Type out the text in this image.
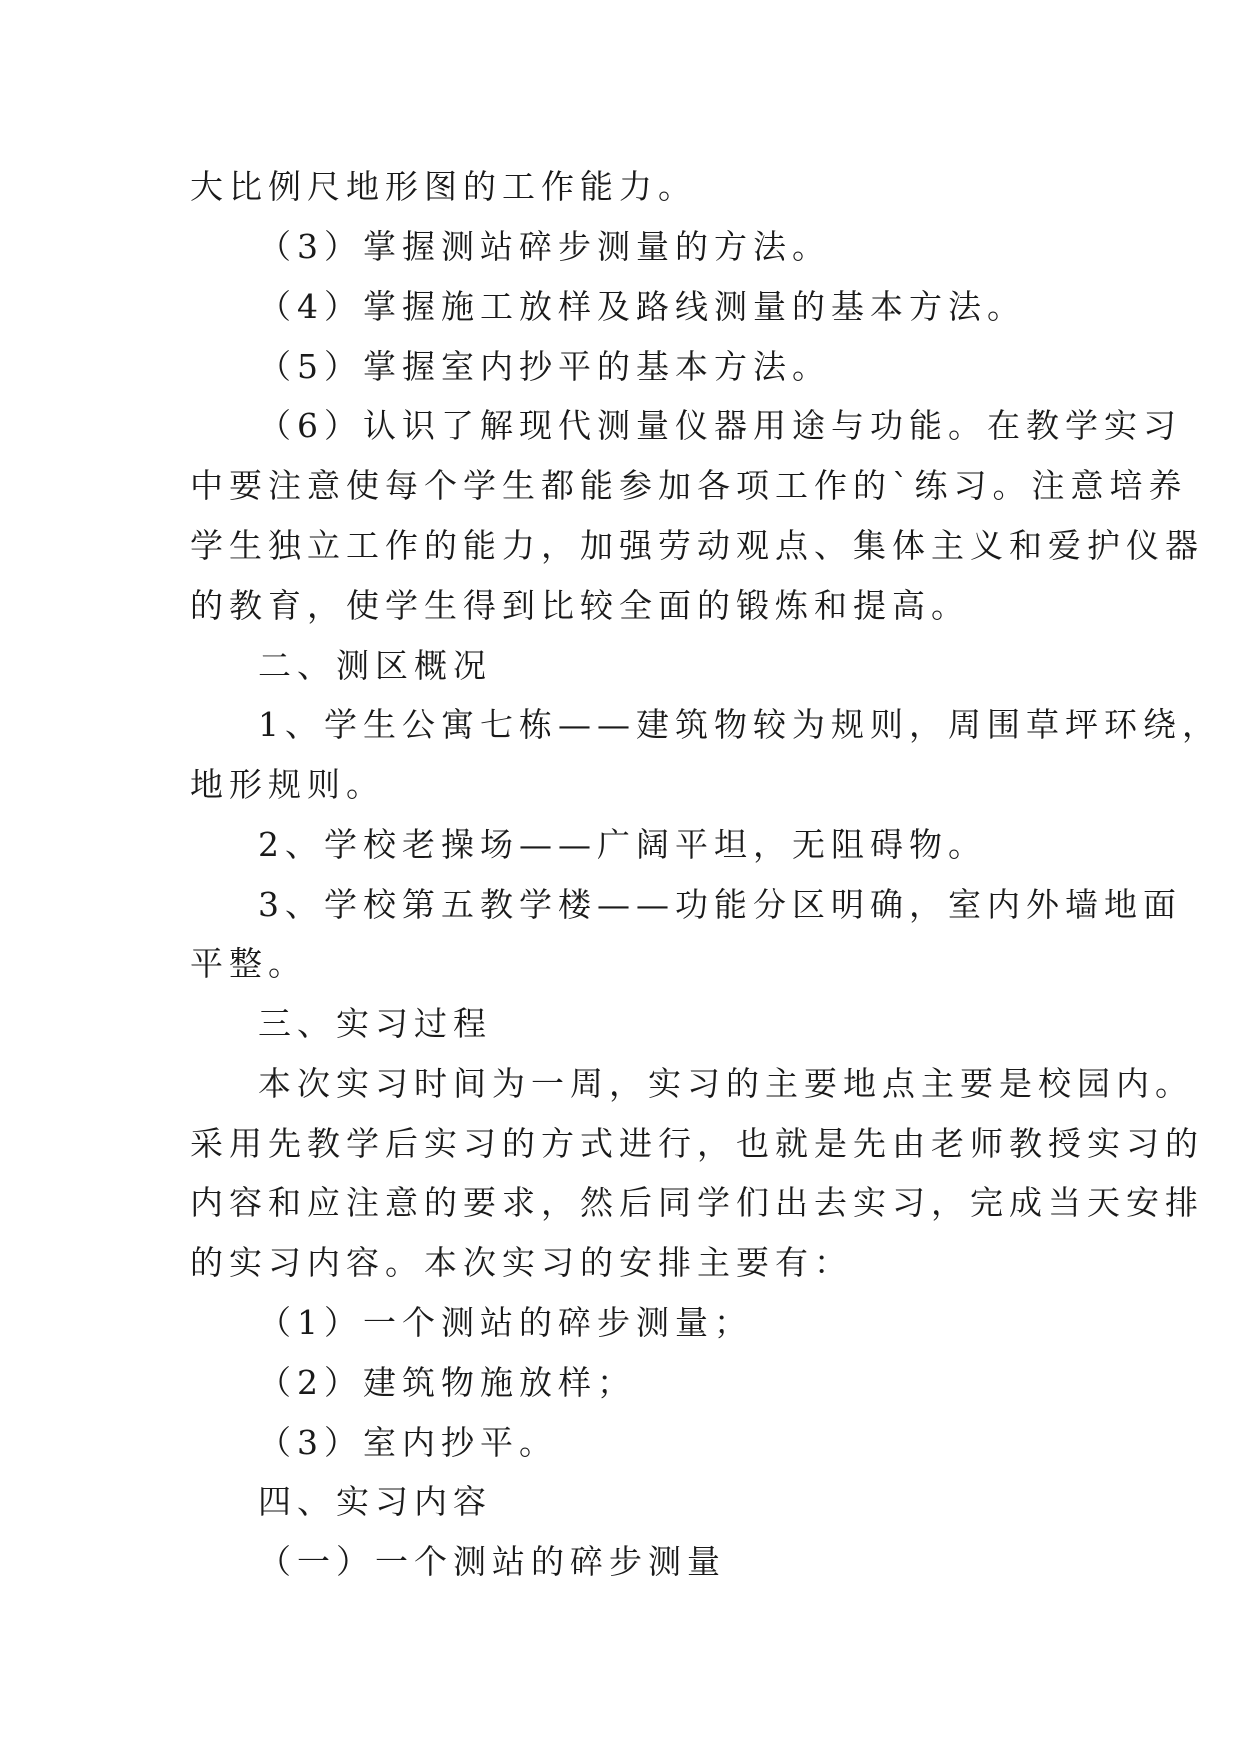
大比例尺地形图的工作能力。
（3）掌握测站碎步测量的方法。
（4）掌握施工放样及路线测量的基本方法。
（5）掌握室内抄平的基本方法。
（6）认识了解现代测量仪器用途与功能。在教学实习
中要注意使每个学生都能参加各项工作的`练习。注意培养
学生独立工作的能力，加强劳动观点、集体主义和爱护仪器
的教育，使学生得到比较全面的锻炼和提高。
二、测区概况
1、学生公寓七栋——建筑物较为规则，周围草坪环绕，
地形规则。
2、学校老操场——广阔平坦，无阻碍物。
3、学校第五教学楼——功能分区明确，室内外墙地面
平整。
三、实习过程
本次实习时间为一周，实习的主要地点主要是校园内。
采用先教学后实习的方式进行，也就是先由老师教授实习的
内容和应注意的要求，然后同学们出去实习，完成当天安排
的实习内容。本次实习的安排主要有：
（1）一个测站的碎步测量；
（2）建筑物施放样；
（3）室内抄平。
四、实习内容
（一）一个测站的碎步测量
